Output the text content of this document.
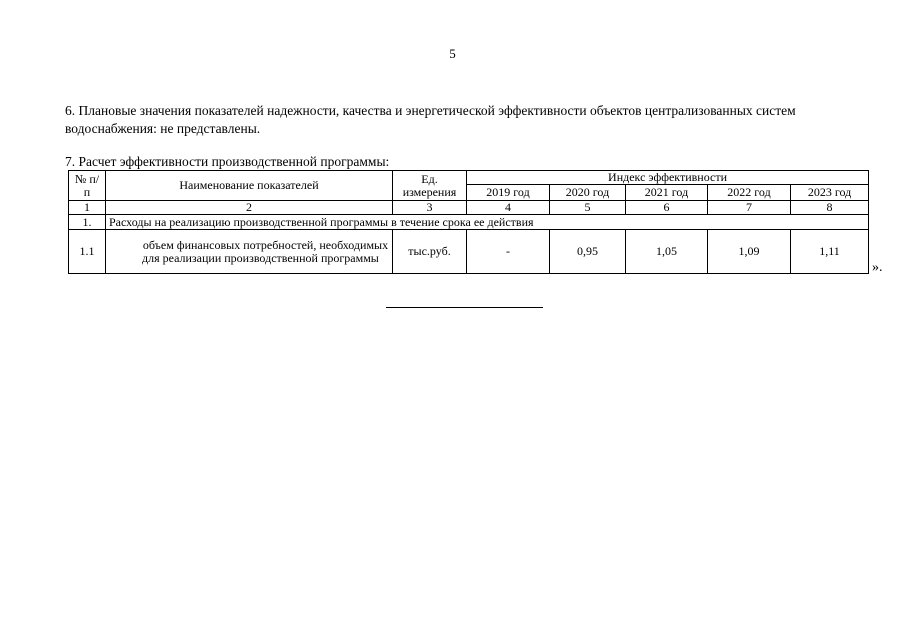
5
6. Плановые значения показателей надежности, качества и энергетической эффективности объектов централизованных систем водоснабжения: не представлены.
7. Расчет эффективности производственной программы:
№ п/п	Наименование показателей	Ед. измерения	Индекс эффективности				
			2019 год	2020 год	2021 год	2022 год	2023 год
1	2	3	4	5	6	7	8
1.	Расходы на реализацию производственной программы в течение срока ее действия						
1.1	объем финансовых потребностей, необходимых для реализации производственной программы	тыс.руб.	-	0,95	1,05	1,09	1,11
».
